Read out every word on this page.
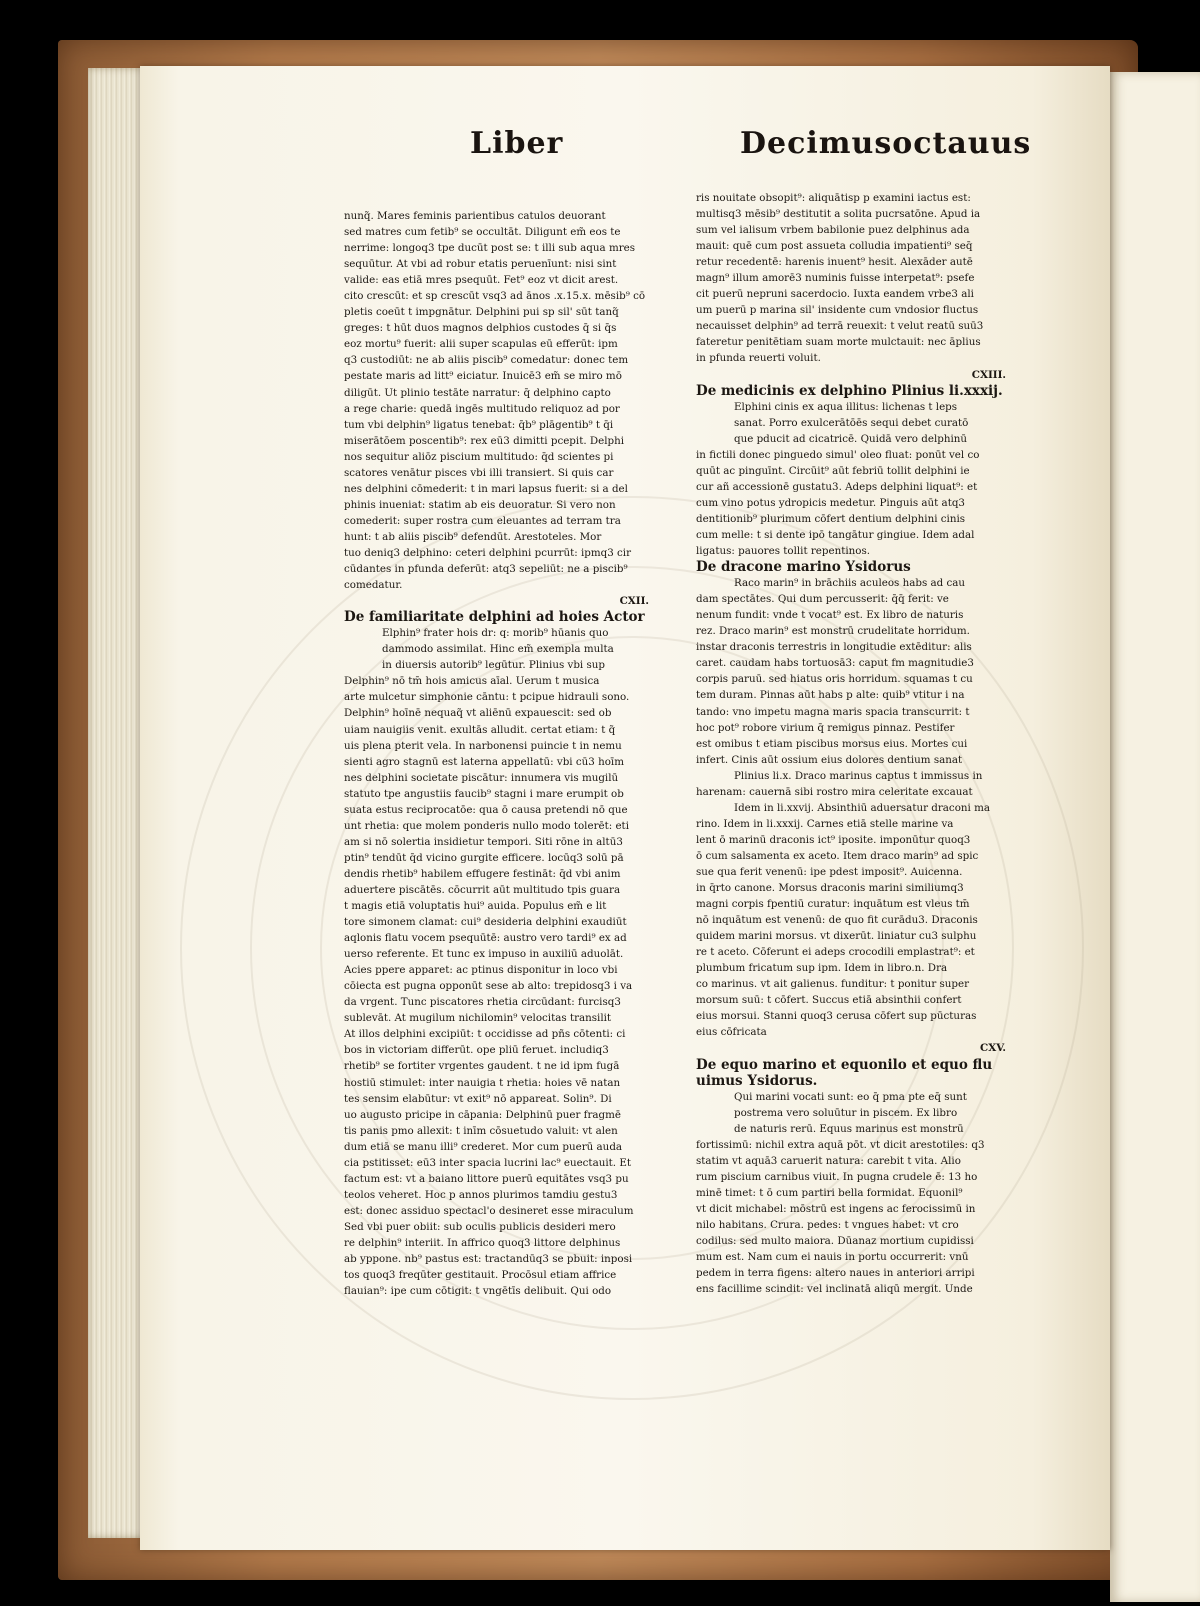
Liber	Decimusoctauus
nunq̃. Mares feminis parientibus catulos deuorant
sed matres cum fetib⁹ se occultāt. Diligunt em̃ eos te
nerrime: longoq3 tpe ducūt post se: t illi sub aqua mres
sequūtur. At vbi ad robur etatis peruenīunt: nisi sint
valide: eas etiā mres psequūt. Fet⁹ eoz vt dicit arest.
cito crescūt: et sp crescūt vsq3 ad ānos .x.15.x. mēsib⁹ cō
pletis coeūt t impgnātur. Delphini pui sp sil' sūt tanq̃
greges: t hūt duos magnos delphios custodes q̄ si q̄s
eoz mortu⁹ fuerit: alii super scapulas eū efferūt: ipm
q3 custodiūt: ne ab aliis piscib⁹ comedatur: donec tem
pestate maris ad litt⁹ eiciatur. Inuicē3 em̃ se miro mō
diligūt. Ut plinio testāte narratur: q̄ delphino capto
a rege charie: quedā ingēs multitudo reliquoz ad por
tum vbi delphin⁹ ligatus tenebat: q̄b⁹ plāgentib⁹ t q̄i
miserātōem poscentib⁹: rex eū3 dimitti pcepit. Delphi
nos sequitur aliōz piscium multitudo: q̄d scientes pi
scatores venātur pisces vbi illi transiert. Si quis car
nes delphini cōmederit: t in mari lapsus fuerit: si a del
phinis inueniat: statim ab eis deuoratur. Si vero non
comederit: super rostra cum eleuantes ad terram tra
hunt: t ab aliis piscib⁹ defendūt. Arestoteles. Mor
tuo deniq3 delphino: ceteri delphini pcurrūt: ipmq3 cir
cūdantes in pfunda deferūt: atq3 sepeliūt: ne a piscib⁹
comedatur.
CXII.
De familiaritate delphini ad hoies Actor
Elphin⁹ frater hois dr: q: morib⁹ hūanis quo
dammodo assimilat. Hinc em̃ exempla multa
in diuersis autorib⁹ legūtur. Plinius vbi sup
Delphin⁹ nō tm̄ hois amicus aīal. Uerum t musica
arte mulcetur simphonie cāntu: t pcipue hidrauli sono.
Delphin⁹ hoīnē nequaq̃ vt aliēnū expauescit: sed ob
uiam nauigiis venit. exultās alludit. certat etiam: t q̃
uis plena pterit vela. In narbonensi puincie t in nemu
sienti agro stagnū est laterna appellatū: vbi cū3 hoīm
nes delphini societate piscātur: innumera vis mugilū
statuto tpe angustiis faucib⁹ stagni i mare erumpit ob
suata estus reciprocatōe: qua ō causa pretendi nō que
unt rhetia: que molem ponderis nullo modo tolerēt: eti
am si nō solertia insidietur tempori. Siti rōne in altū3
ptin⁹ tendūt q̄d vicino gurgite efficere. locūq3 solū pā
dendis rhetib⁹ habilem effugere festināt: q̄d vbi anim
aduertere piscātēs. cōcurrit aūt multitudo tpis guara
t magis etiā voluptatis hui⁹ auida. Populus em̃ e lit
tore simonem clamat: cui⁹ desideria delphini exaudiūt
aqlonis flatu vocem psequūtē: austro vero tardi⁹ ex ad
uerso referente. Et tunc ex impuso in auxiliū aduolāt.
Acies ppere apparet: ac ptinus disponitur in loco vbi
cōiecta est pugna opponūt sese ab alto: trepidosq3 i va
da vrgent. Tunc piscatores rhetia circūdant: furcisq3
sublevāt. At mugilum nichilomin⁹ velocitas transilit
At illos delphini excipiūt: t occidisse ad pñs cōtenti: ci
bos in victoriam differūt. ope pliū feruet. includiq3
rhetib⁹ se fortiter vrgentes gaudent. t ne id ipm fugā
hostiū stimulet: inter nauigia t rhetia: hoies vē natan
tes sensim elabūtur: vt exit⁹ nō appareat. Solin⁹. Di
uo augusto pricipe in cāpania: Delphinū puer fragmē
tis panis pmo allexit: t inīm cōsuetudo valuit: vt alen
dum etiā se manu illi⁹ crederet. Mor cum puerū auda
cia pstitisset: eū3 inter spacia lucrini lac⁹ euectauit. Et
factum est: vt a baiano littore puerū equitātes vsq3 pu
teolos veheret. Hoc p annos plurimos tamdiu gestu3
est: donec assiduo spectacl'o desineret esse miraculum
Sed vbi puer obiit: sub oculis publicis desideri mero
re delphin⁹ interiit. In affrico quoq3 littore delphinus
ab yppone. nb⁹ pastus est: tractandūq3 se pbuit: inposi
tos quoq3 freqūter gestitauit. Procōsul etiam affrice
flauian⁹: ipe cum cōtigit: t vngētīs delibuit. Qui odo
ris nouitate obsopit⁹: aliquātisp p examini iactus est:
multisq3 mēsib⁹ destitutit a solita pucrsatōne. Apud ia
sum vel ialisum vrbem babilonie puez delphinus ada
mauit: quē cum post assueta colludia impatienti⁹ seq̄
retur recedentē: harenis inuent⁹ hesit. Alexāder autē
magn⁹ illum amorē3 numinis fuisse interpetat⁹: psefe
cit puerū nepruni sacerdocio. Iuxta eandem vrbe3 ali
um puerū p marina sil' insidente cum vndosior fluctus
necauisset delphin⁹ ad terrā reuexit: t velut reatū suū3
fateretur penitētiam suam morte mulctauit: nec āplius
in pfunda reuerti voluit.
CXIII.
De medicinis ex delphino Plinius li.xxxij.
Elphini cinis ex aqua illitus: lichenas t leps
sanat. Porro exulcerātōēs sequi debet curatō
que pducit ad cicatricē. Quidā vero delphinū
in fictili donec pinguedo simul' oleo fluat: ponūt vel co
quūt ac pinguīnt. Circūit⁹ aūt febriū tollit delphini ie
cur añ accessionē gustatu3. Adeps delphini liquat⁹: et
cum vino potus ydropicis medetur. Pinguis aūt atq3
dentitionib⁹ plurimum cōfert dentium delphini cinis
cum melle: t si dente ipō tangātur gingiue. Idem adal
ligatus: pauores tollit repentinos.
De dracone marino Ysidorus
Raco marin⁹ in brāchiis aculeos habs ad cau
dam spectātes. Qui dum percusserit: q̄q̄ ferit: ve
nenum fundit: vnde t vocat⁹ est. Ex libro de naturis
rez. Draco marin⁹ est monstrū crudelitate horridum.
instar draconis terrestris in longitudie extēditur: alis
caret. caudam habs tortuosā3: caput fm magnitudie3
corpis paruū. sed hiatus oris horridum. squamas t cu
tem duram. Pinnas aūt habs p alte: quib⁹ vtitur i na
tando: vno impetu magna maris spacia transcurrit: t
hoc pot⁹ robore virium q̄ remigus pinnaz. Pestifer
est omibus t etiam piscibus morsus eius. Mortes cui
infert. Cinis aūt ossium eius dolores dentium sanat
Plinius li.x. Draco marinus captus t immissus in
harenam: cauernā sibi rostro mira celeritate excauat
Idem in li.xxvij. Absinthiū aduersatur draconi ma
rino. Idem in li.xxxij. Carnes etiā stelle marine va
lent ō marinū draconis ict⁹ iposite. imponūtur quoq3
ō cum salsamenta ex aceto. Item draco marin⁹ ad spic
sue qua ferit venenū: ipe pdest imposit⁹. Auicenna.
in q̄rto canone. Morsus draconis marini similiumq3
magni corpis fpentiū curatur: inquātum est vleus tm̄
nō inquātum est venenū: de quo fit curādu3. Draconis
quidem marini morsus. vt dixerūt. liniatur cu3 sulphu
re t aceto. Cōferunt ei adeps crocodili emplastrat⁹: et
plumbum fricatum sup ipm. Idem in libro.n. Dra
co marinus. vt ait galienus. funditur: t ponitur super
morsum suū: t cōfert. Succus etiā absinthii confert
eius morsui. Stanni quoq3 cerusa cōfert sup pūcturas
eius cōfricata
CXV.
De equo marino et equonilo et equo flu
uimus Ysidorus.
Qui marini vocati sunt: eo q̄ pma pte eq̄ sunt
postrema vero soluūtur in piscem. Ex libro
de naturis rerū. Equus marinus est monstrū
fortissimū: nichil extra aquā pōt. vt dicit arestotiles: q3
statim vt aquā3 caruerit natura: carebit t vita. Alio
rum piscium carnibus viuit. In pugna crudele ē: 13 ho
minē timet: t ō cum partiri bella formidat. Equonil⁹
vt dicit michabel: mōstrū est ingens ac ferocissimū in
nilo habitans. Crura. pedes: t vngues habet: vt cro
codilus: sed multo maiora. Dūanaz mortium cupidissi
mum est. Nam cum ei nauis in portu occurrerit: vnū
pedem in terra figens: altero naues in anteriori arripi
ens facillime scindit: vel inclinatā aliqū mergit. Unde
